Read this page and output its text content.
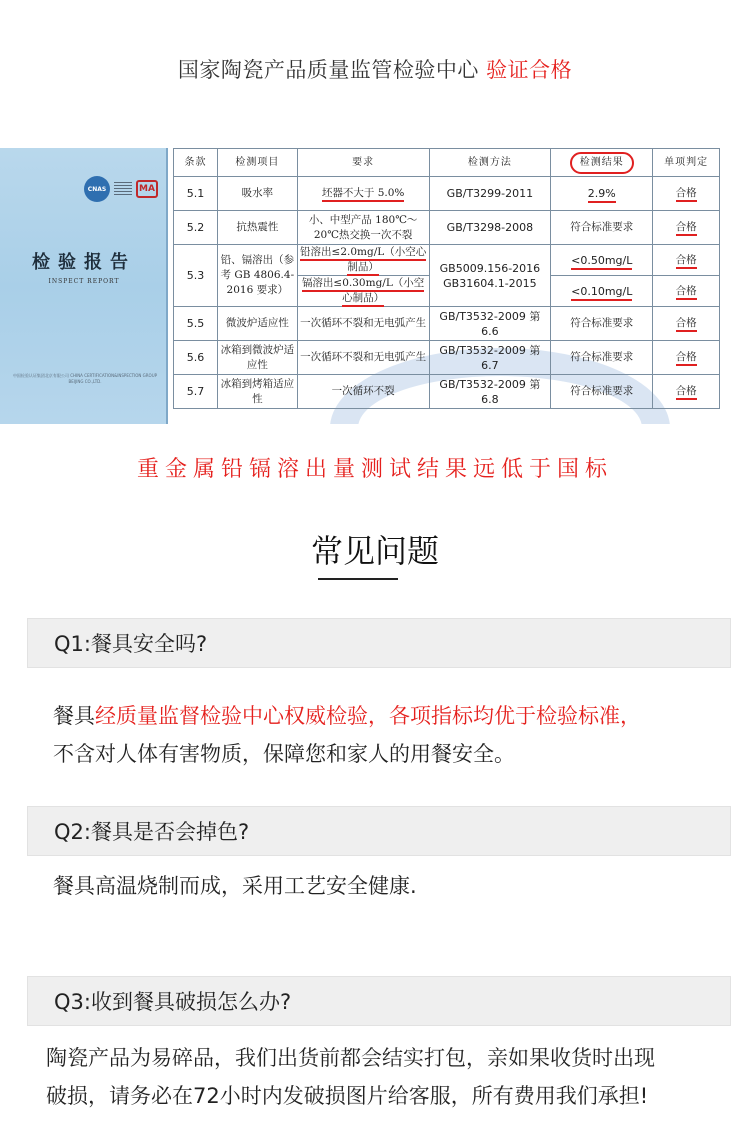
国家陶瓷产品质量监管检验中心 验证合格
CNAS	MA
检验报告
INSPECT REPORT
中国检验认证集团北京有限公司 CHINA CERTIFICATION&INSPECTION GROUP BEIJING CO.,LTD.
条款	检测项目	要求	检测方法	检测结果	单项判定
5.1	吸水率	坯器不大于 5.0%	GB/T3299-2011	2.9%	合格
5.2	抗热震性	小、中型产品 180℃～20℃热交换一次不裂	GB/T3298-2008	符合标准要求	合格
5.3	铅、镉溶出（参考 GB 4806.4-2016 要求）	铅溶出≤2.0mg/L（小空心制品）	GB5009.156-2016 GB31604.1-2015	<0.50mg/L	合格
		镉溶出≤0.30mg/L（小空心制品）		<0.10mg/L	合格
5.5	微波炉适应性	一次循环不裂和无电弧产生	GB/T3532-2009 第 6.6	符合标准要求	合格
5.6	冰箱到微波炉适应性	一次循环不裂和无电弧产生	GB/T3532-2009 第 6.7	符合标准要求	合格
5.7	冰箱到烤箱适应性	一次循环不裂	GB/T3532-2009 第 6.8	符合标准要求	合格
重金属铅镉溶出量测试结果远低于国标
常见问题
Q1:餐具安全吗?
餐具经质量监督检验中心权威检验，各项指标均优于检验标准，
不含对人体有害物质，保障您和家人的用餐安全。
Q2:餐具是否会掉色?
餐具高温烧制而成，采用工艺安全健康.
Q3:收到餐具破损怎么办?
陶瓷产品为易碎品，我们出货前都会结实打包，亲如果收货时出现
破损，请务必在72小时内发破损图片给客服，所有费用我们承担!
